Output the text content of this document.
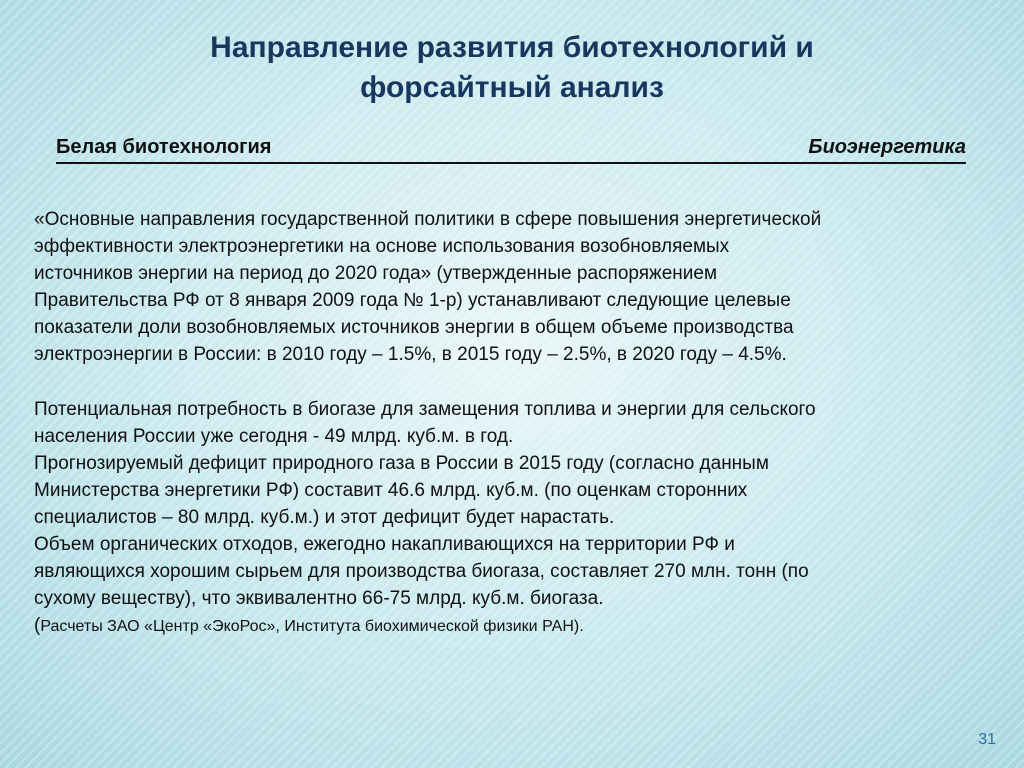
Направление развития биотехнологий и
форсайтный анализ
Белая биотехнология	Биоэнергетика

«Основные направления государственной политики в сфере повышения энергетической
эффективности электроэнергетики на основе использования возобновляемых
источников энергии на период до 2020 года» (утвержденные распоряжением
Правительства РФ от 8 января 2009 года № 1-р) устанавливают следующие целевые
показатели доли возобновляемых источников энергии в общем объеме производства
электроэнергии в России: в 2010 году – 1.5%, в 2015 году – 2.5%, в 2020 году – 4.5%.

Потенциальная потребность в биогазе для замещения топлива и энергии для сельского
населения России уже сегодня - 49 млрд. куб.м. в год.

Прогнозируемый дефицит природного газа в России в 2015 году (согласно данным
Министерства энергетики РФ) составит 46.6 млрд. куб.м. (по оценкам сторонних
специалистов – 80 млрд. куб.м.) и этот дефицит будет нарастать.

Объем органических отходов, ежегодно накапливающихся на территории РФ и
являющихся хорошим сырьем для производства биогаза, составляет 270 млн. тонн (по
сухому веществу), что эквивалентно 66-75 млрд. куб.м. биогаза.

(Расчеты ЗАО «Центр «ЭкоРос», Института биохимической физики РАН).

31
